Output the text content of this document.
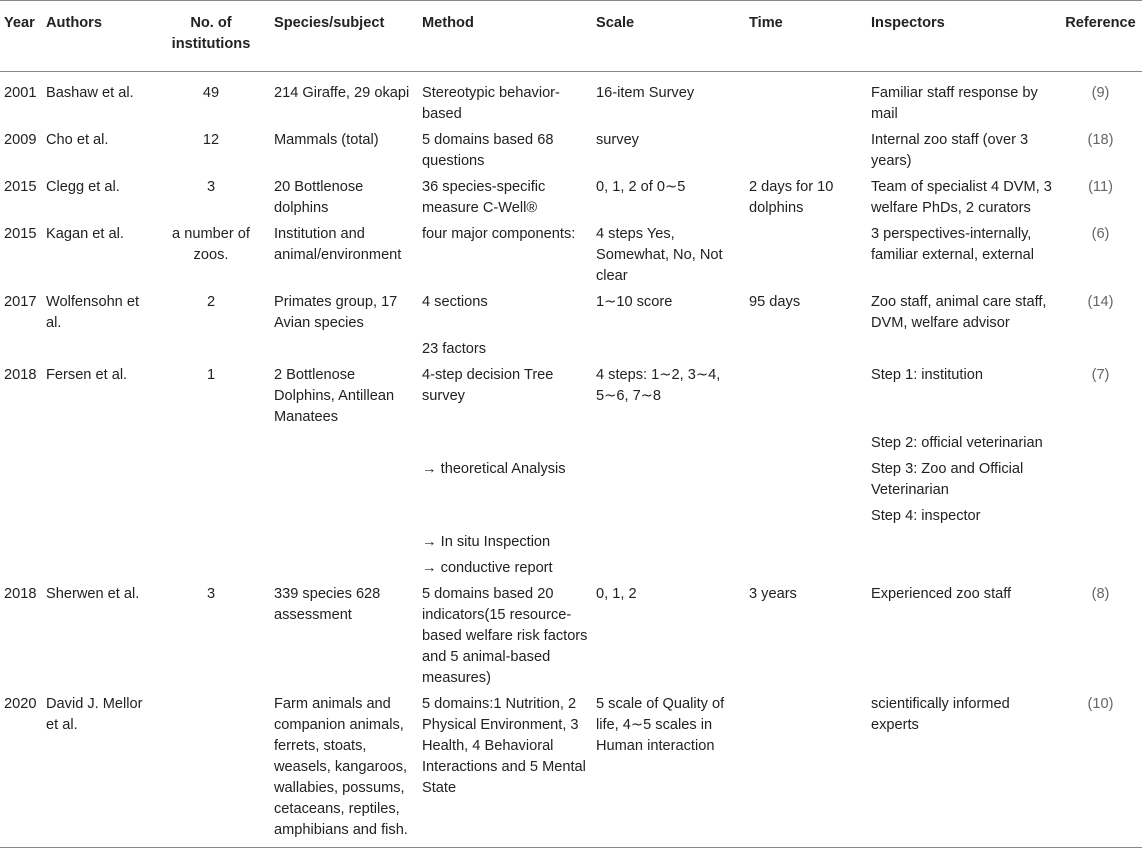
Year	Authors	No. of institutions	Species/subject	Method	Scale	Time	Inspectors	Reference
2001	Bashaw et al.	49	214 Giraffe, 29 okapi	Stereotypic behavior-based	16-item Survey		Familiar staff response by mail	(9)
2009	Cho et al.	12	Mammals (total)	5 domains based 68 questions	survey		Internal zoo staff (over 3 years)	(18)
2015	Clegg et al.	3	20 Bottlenose dolphins	36 species-specific measure C-Well®	0, 1, 2 of 0∼5	2 days for 10 dolphins	Team of specialist 4 DVM, 3 welfare PhDs, 2 curators	(11)
2015	Kagan et al.	a number of zoos.	Institution and animal/environment	four major components:	4 steps Yes, Somewhat, No, Not clear		3 perspectives-internally, familiar external, external	(6)
2017	Wolfensohn et al.	2	Primates group, 17 Avian species	4 sections	1∼10 score	95 days	Zoo staff, animal care staff, DVM, welfare advisor	(14)
				23 factors				
2018	Fersen et al.	1	2 Bottlenose Dolphins, Antillean Manatees	4-step decision Tree survey	4 steps: 1∼2, 3∼4, 5∼6, 7∼8		Step 1: institution	(7)
							Step 2: official veterinarian	
				→ theoretical Analysis			Step 3: Zoo and Official Veterinarian	
							Step 4: inspector	
				→ In situ Inspection				
				→ conductive report				
2018	Sherwen et al.	3	339 species 628 assessment	5 domains based 20 indicators(15 resource-based welfare risk factors and 5 animal-based measures)	0, 1, 2	3 years	Experienced zoo staff	(8)
2020	David J. Mellor et al.		Farm animals and companion animals, ferrets, stoats, weasels, kangaroos, wallabies, possums, cetaceans, reptiles, amphibians and fish.	5 domains:1 Nutrition, 2 Physical Environment, 3 Health, 4 Behavioral Interactions and 5 Mental State	5 scale of Quality of life, 4∼5 scales in Human interaction		scientifically informed experts	(10)
